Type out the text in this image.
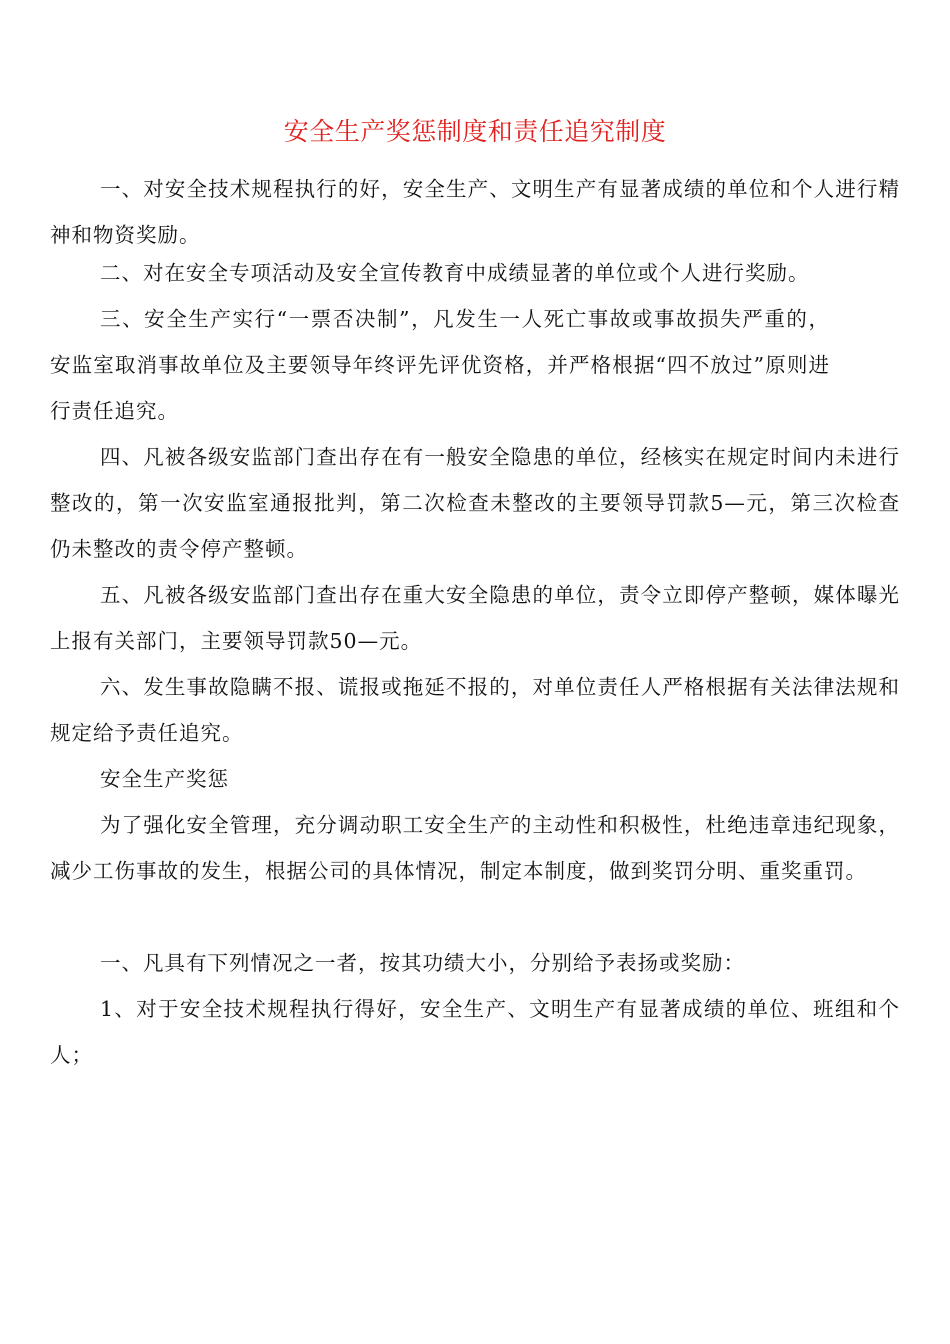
安全生产奖惩制度和责任追究制度

一、对安全技术规程执行的好，安全生产、文明生产有显著成绩的单位和个人进行精神和物资奖励。

二、对在安全专项活动及安全宣传教育中成绩显著的单位或个人进行奖励。

三、安全生产实行“一票否决制”，凡发生一人死亡事故或事故损失严重的，安监室取消事故单位及主要领导年终评先评优资格，并严格根据“四不放过”原则进行责任追究。

四、凡被各级安监部门查出存在有一般安全隐患的单位，经核实在规定时间内未进行整改的，第一次安监室通报批判，第二次检查未整改的主要领导罚款5—元，第三次检查仍未整改的责令停产整顿。

五、凡被各级安监部门查出存在重大安全隐患的单位，责令立即停产整顿，媒体曝光上报有关部门，主要领导罚款50—元。

六、发生事故隐瞒不报、谎报或拖延不报的，对单位责任人严格根据有关法律法规和规定给予责任追究。

安全生产奖惩

为了强化安全管理，充分调动职工安全生产的主动性和积极性，杜绝违章违纪现象，减少工伤事故的发生，根据公司的具体情况，制定本制度，做到奖罚分明、重奖重罚。

一、凡具有下列情况之一者，按其功绩大小，分别给予表扬或奖励：

1、对于安全技术规程执行得好，安全生产、文明生产有显著成绩的单位、班组和个人；
